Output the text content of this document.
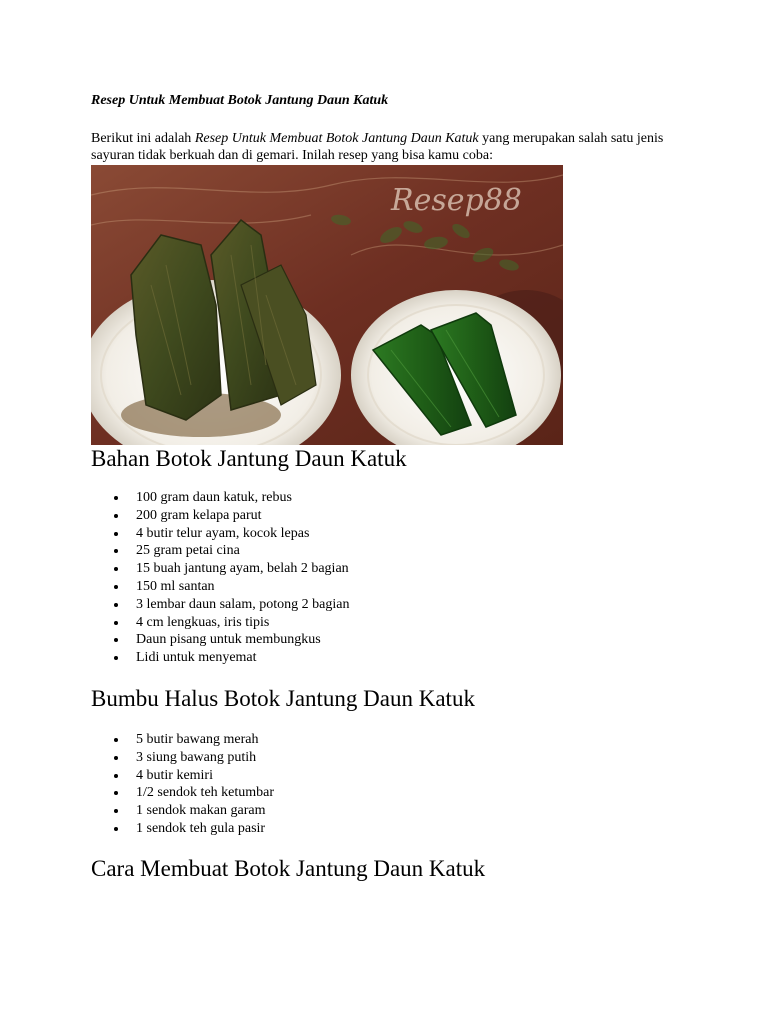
Resep Untuk Membuat Botok Jantung Daun Katuk

Berikut ini adalah Resep Untuk Membuat Botok Jantung Daun Katuk yang merupakan salah satu jenis sayuran tidak berkuah dan di gemari. Inilah resep yang bisa kamu coba:

Resep88
Bahan Botok Jantung Daun Katuk
100 gram daun katuk, rebus
200 gram kelapa parut
4 butir telur ayam, kocok lepas
25 gram petai cina
15 buah jantung ayam, belah 2 bagian
150 ml santan
3 lembar daun salam, potong 2 bagian
4 cm lengkuas, iris tipis
Daun pisang untuk membungkus
Lidi untuk menyemat
Bumbu Halus Botok Jantung Daun Katuk
5 butir bawang merah
3 siung bawang putih
4 butir kemiri
1/2 sendok teh ketumbar
1 sendok makan garam
1 sendok teh gula pasir
Cara Membuat Botok Jantung Daun Katuk
